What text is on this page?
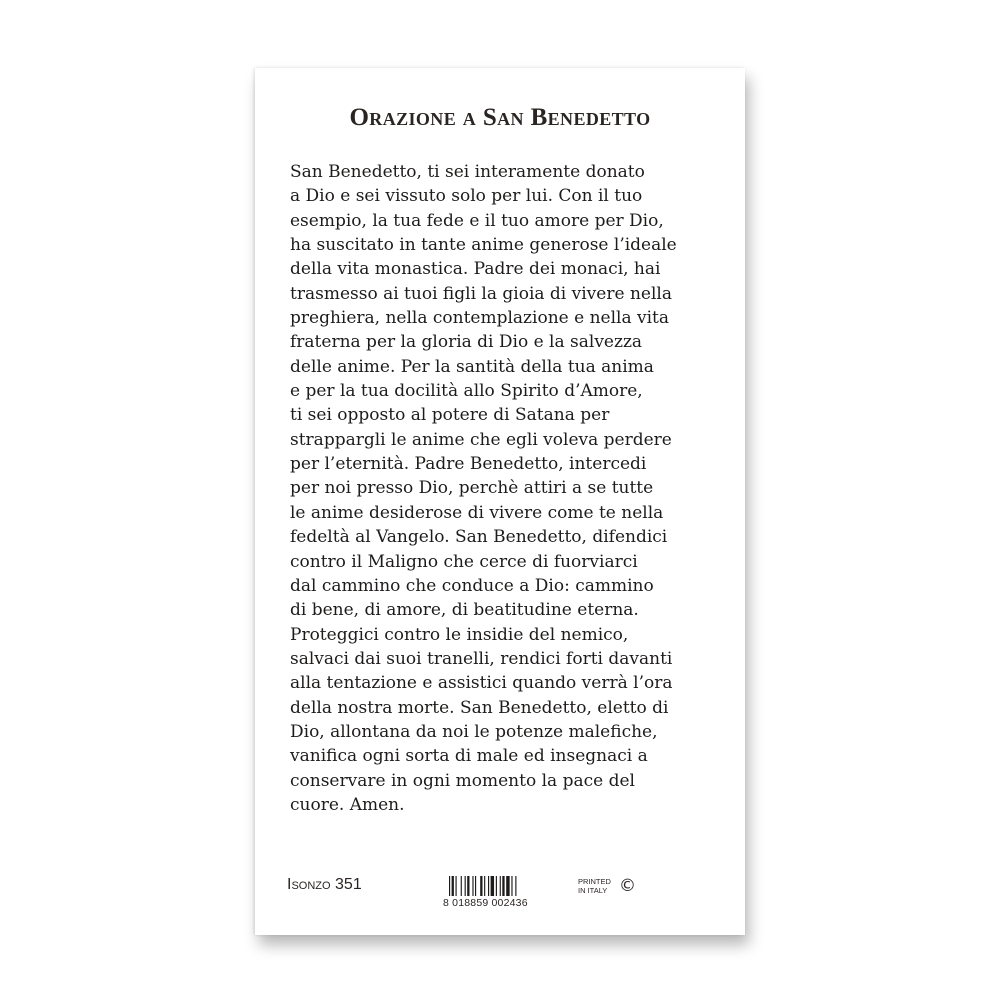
Orazione a San Benedetto
San Benedetto, ti sei interamente donato
a Dio e sei vissuto solo per lui. Con il tuo
esempio, la tua fede e il tuo amore per Dio,
ha suscitato in tante anime generose l’ideale
della vita monastica. Padre dei monaci, hai
trasmesso ai tuoi figli la gioia di vivere nella
preghiera, nella contemplazione e nella vita
fraterna per la gloria di Dio e la salvezza
delle anime. Per la santità della tua anima
e per la tua docilità allo Spirito d’Amore,
ti sei opposto al potere di Satana per
strappargli le anime che egli voleva perdere
per l’eternità. Padre Benedetto, intercedi
per noi presso Dio, perchè attiri a se tutte
le anime desiderose di vivere come te nella
fedeltà al Vangelo. San Benedetto, difendici
contro il Maligno che cerce di fuorviarci
dal cammino che conduce a Dio: cammino
di bene, di amore, di beatitudine eterna.
Proteggici contro le insidie del nemico,
salvaci dai suoi tranelli, rendici forti davanti
alla tentazione e assistici quando verrà l’ora
della nostra morte. San Benedetto, eletto di
Dio, allontana da noi le potenze malefiche,
vanifica ogni sorta di male ed insegnaci a
conservare in ogni momento la pace del
cuore. Amen.
Isonzo 351
8 018859 002436
PRINTED
IN ITALY ©
